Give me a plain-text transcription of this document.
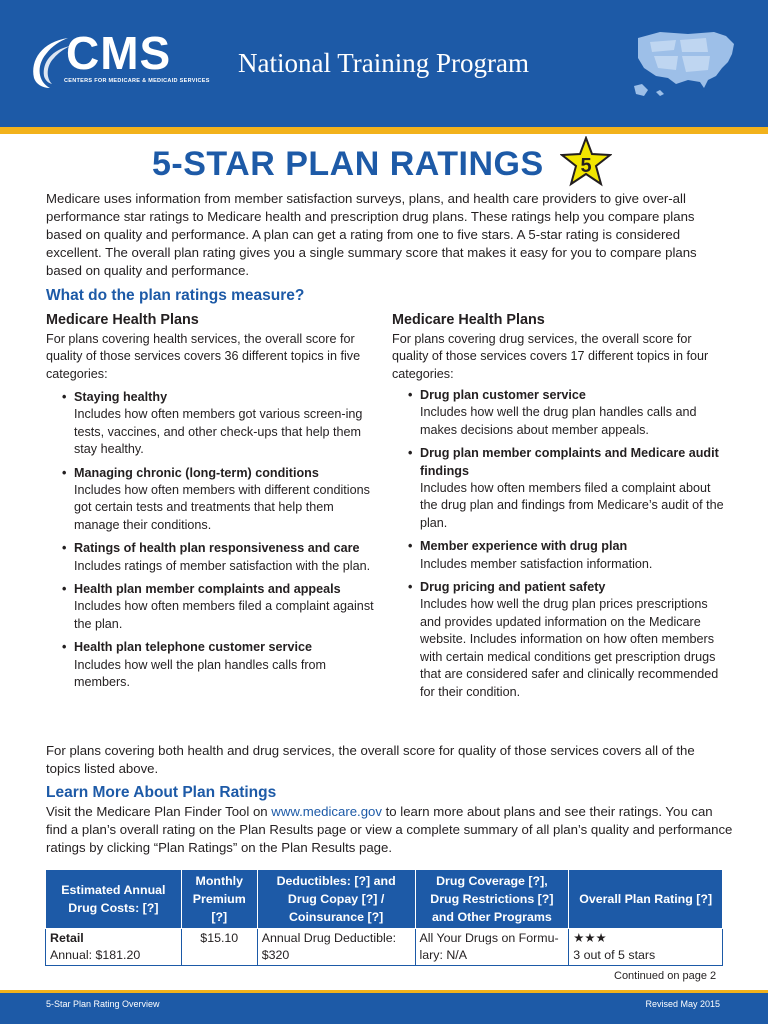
CMS
CENTERS FOR MEDICARE & MEDICAID SERVICES
National Training Program
5-STAR PLAN RATINGS 5

Medicare uses information from member satisfaction surveys, plans, and health care providers to give over-all performance star ratings to Medicare health and prescription drug plans. These ratings help you compare plans based on quality and performance. A plan can get a rating from one to five stars. A 5-star rating is considered excellent. The overall plan rating gives you a single summary score that makes it easy for you to compare plans based on quality and performance.

What do the plan ratings measure?
Medicare Health Plans

For plans covering health services, the overall score for quality of those services covers 36 different topics in five categories:

• Staying healthy
Includes how often members got various screen-ing tests, vaccines, and other check-ups that help them stay healthy.
• Managing chronic (long-term) conditions
Includes how often members with different conditions got certain tests and treatments that help them manage their conditions.
• Ratings of health plan responsiveness and care
Includes ratings of member satisfaction with the plan.
• Health plan member complaints and appeals
Includes how often members filed a complaint against the plan.
• Health plan telephone customer service
Includes how well the plan handles calls from members.
Medicare Health Plans

For plans covering drug services, the overall score for quality of those services covers 17 different topics in four categories:

• Drug plan customer service
Includes how well the drug plan handles calls and makes decisions about member appeals.
• Drug plan member complaints and Medicare audit findings
Includes how often members filed a complaint about the drug plan and findings from Medicare’s audit of the plan.
• Member experience with drug plan
Includes member satisfaction information.
• Drug pricing and patient safety
Includes how well the drug plan prices prescriptions and provides updated information on the Medicare website. Includes information on how often members with certain medical conditions get prescription drugs that are considered safer and clinically recommended for their condition.

For plans covering both health and drug services, the overall score for quality of those services covers all of the topics listed above.

Learn More About Plan Ratings

Visit the Medicare Plan Finder Tool on www.medicare.gov to learn more about plans and see their ratings. You can find a plan’s overall rating on the Plan Results page or view a complete summary of all plan’s quality and performance ratings by clicking “Plan Ratings” on the Plan Results page.

Estimated Annual Drug Costs: [?]	Monthly Premium [?]	Deductibles: [?] and Drug Copay [?] / Coinsurance [?]	Drug Coverage [?], Drug Restrictions [?] and Other Programs	Overall Plan Rating [?]

Retail
Annual: $181.20	$15.10	Annual Drug Deductible: $320	All Your Drugs on Formu-lary: N/A	★★★
3 out of 5 stars
Continued on page 2
5-Star Plan Rating Overview	Revised May 2015
